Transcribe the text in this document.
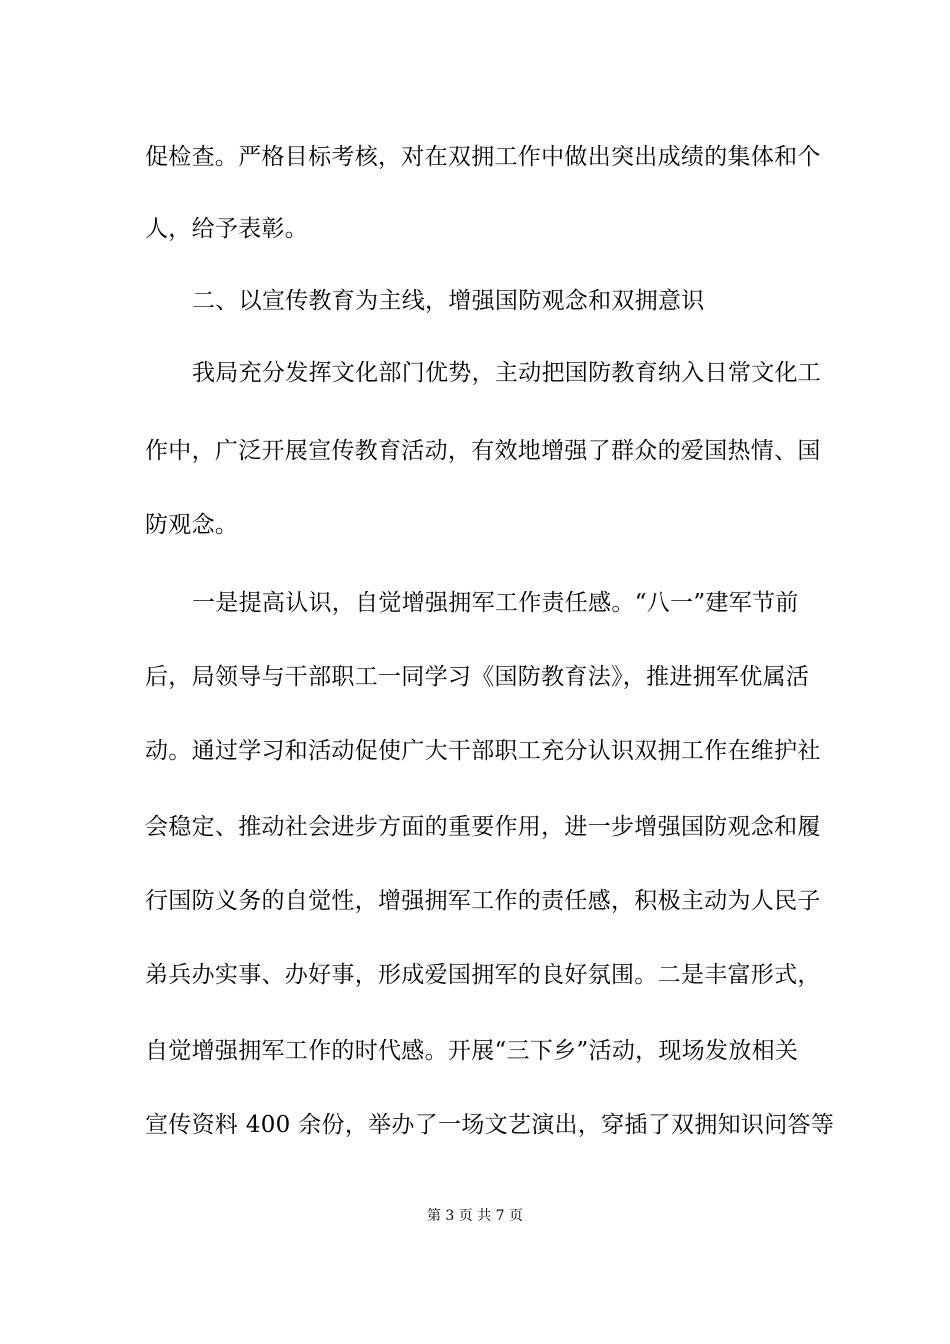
促检查。严格目标考核，对在双拥工作中做出突出成绩的集体和个
人，给予表彰。
二、以宣传教育为主线，增强国防观念和双拥意识
我局充分发挥文化部门优势，主动把国防教育纳入日常文化工
作中，广泛开展宣传教育活动，有效地增强了群众的爱国热情、国
防观念。
一是提高认识，自觉增强拥军工作责任感。“八一”建军节前
后，局领导与干部职工一同学习《国防教育法》，推进拥军优属活
动。通过学习和活动促使广大干部职工充分认识双拥工作在维护社
会稳定、推动社会进步方面的重要作用，进一步增强国防观念和履
行国防义务的自觉性，增强拥军工作的责任感，积极主动为人民子
弟兵办实事、办好事，形成爱国拥军的良好氛围。二是丰富形式，
自觉增强拥军工作的时代感。开展“三下乡”活动，现场发放相关
宣传资料 400 余份，举办了一场文艺演出，穿插了双拥知识问答等
第 3 页 共 7 页
